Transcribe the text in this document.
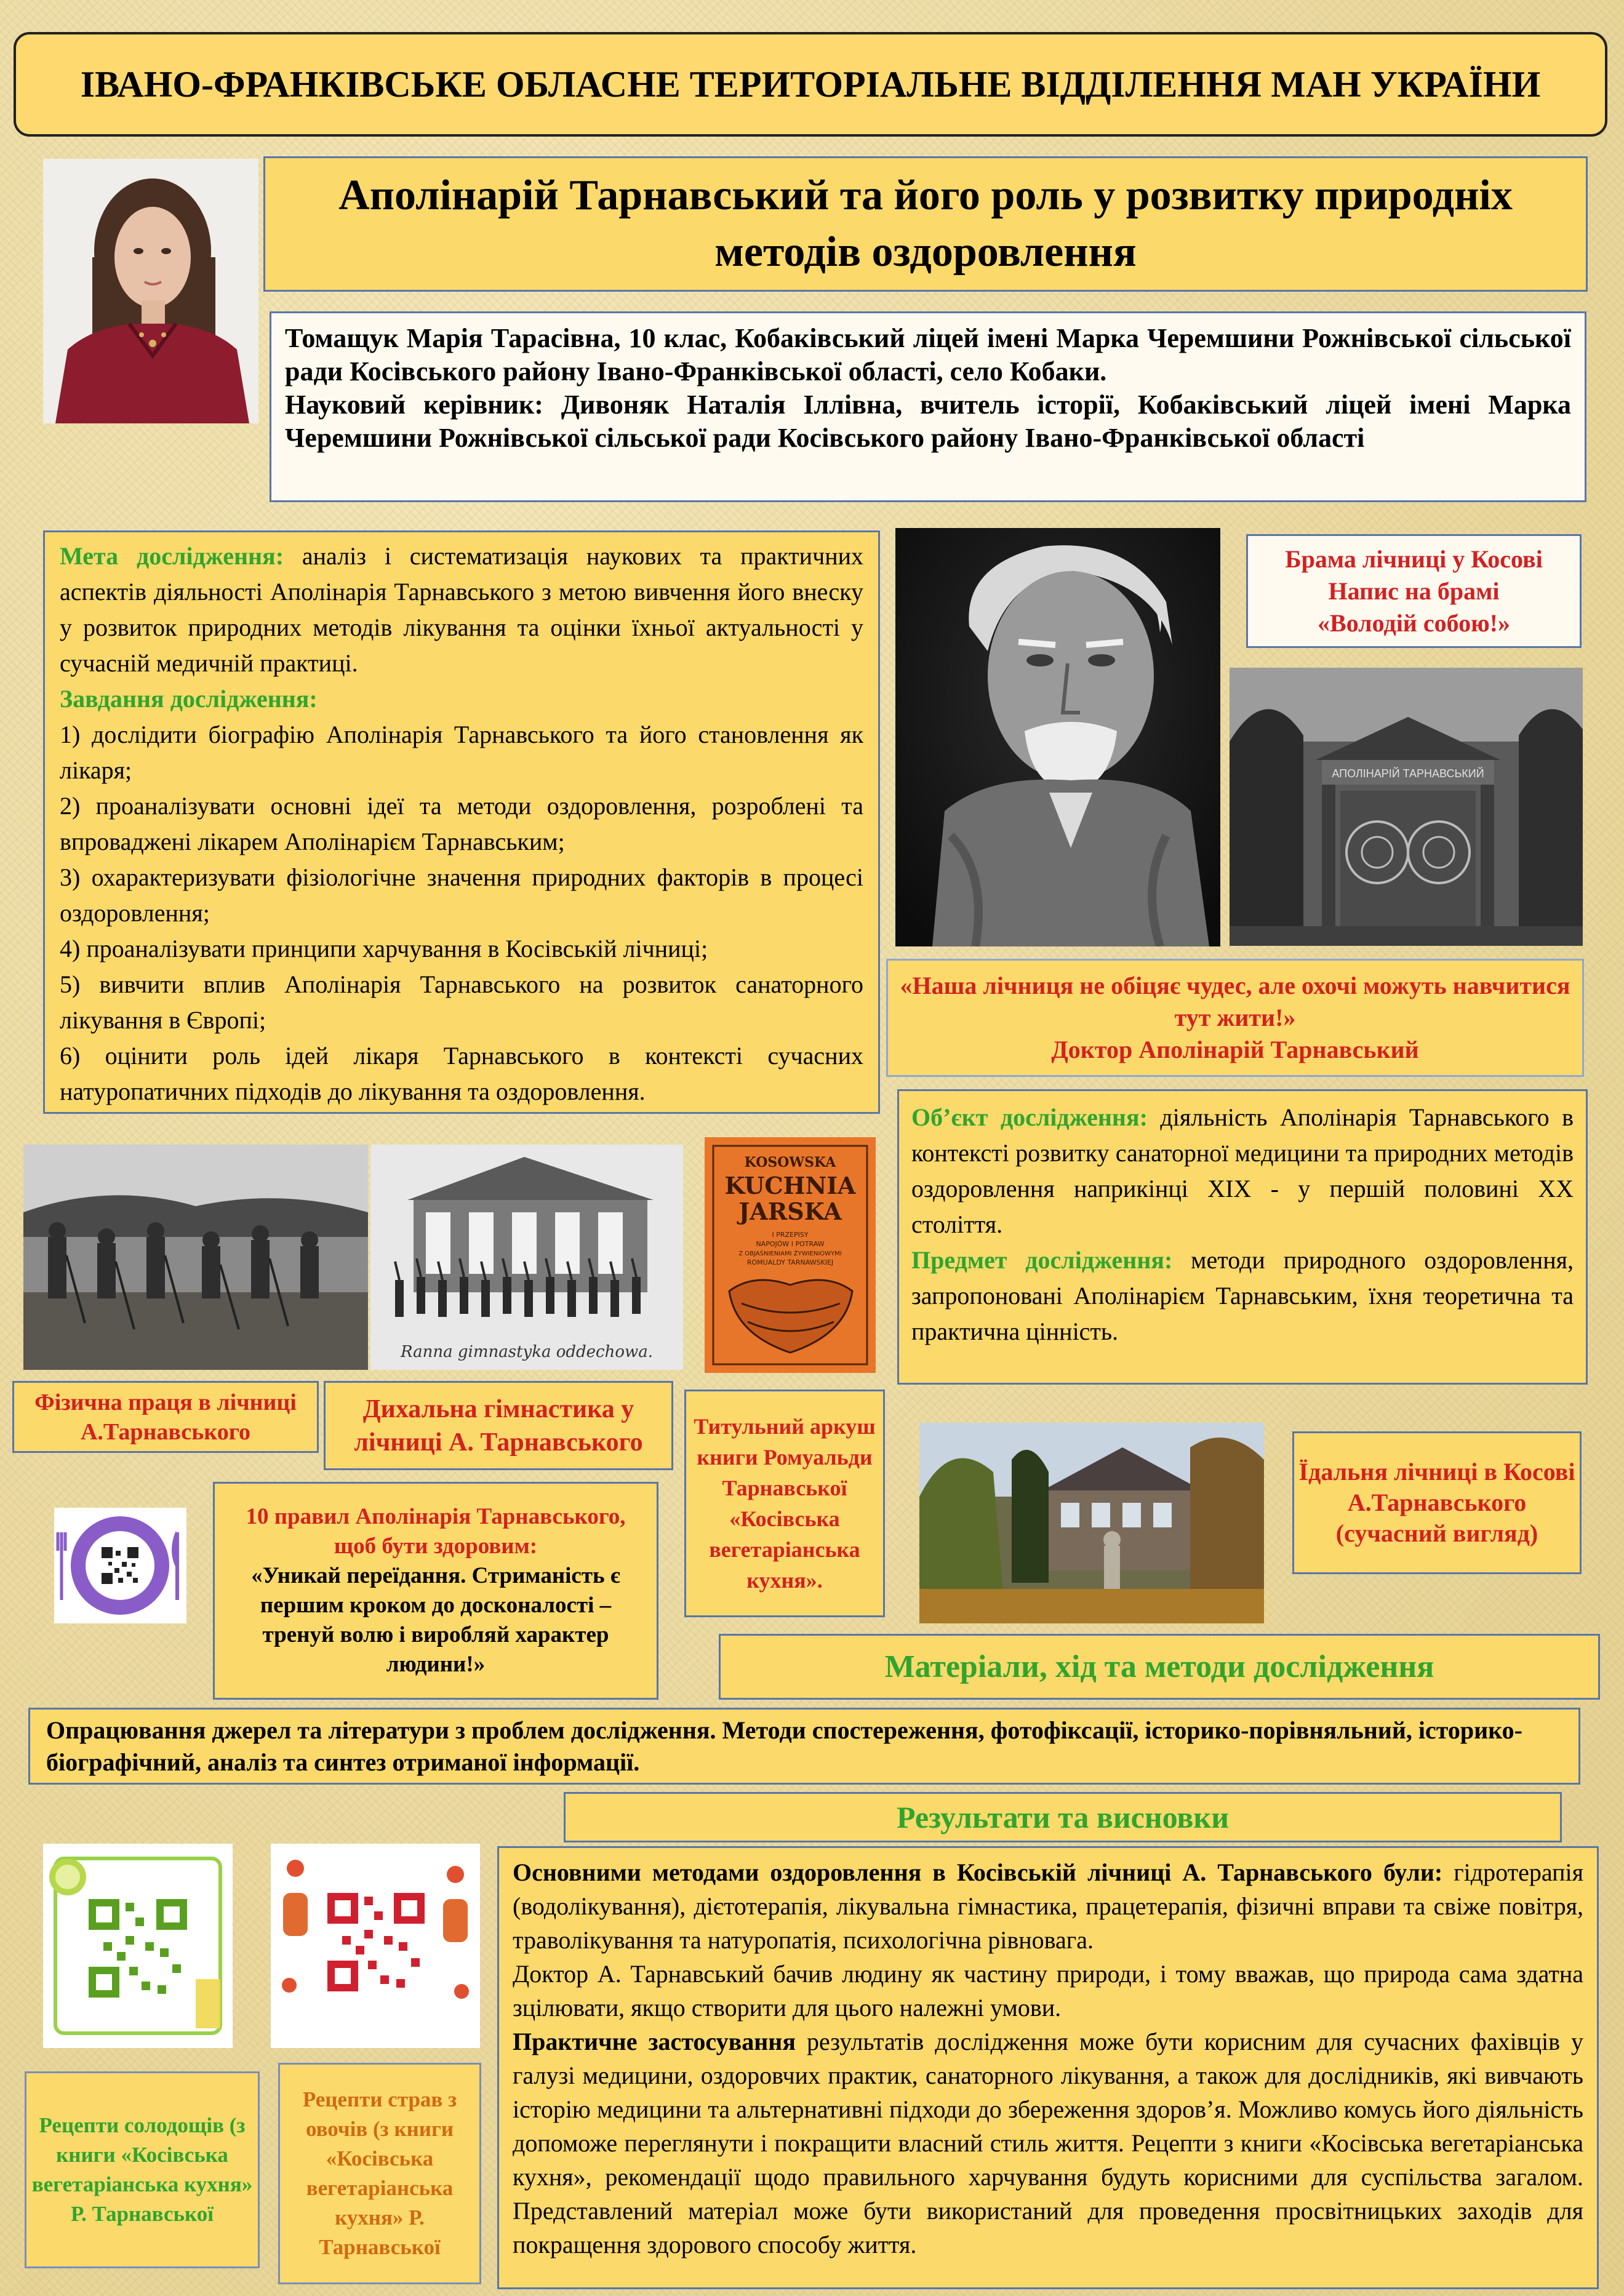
ІВАНО-ФРАНКІВСЬКЕ ОБЛАСНЕ ТЕРИТОРІАЛЬНЕ ВІДДІЛЕННЯ МАН УКРАЇНИ
Аполінарій Тарнавський та його роль у розвитку природніх методів оздоровлення
Томащук Марія Тарасівна, 10 клас, Кобаківський ліцей імені Марка Черемшини Рожнівської сільської ради Косівського району Івано-Франківської області, село Кобаки.
Науковий керівник: Дивоняк Наталія Іллівна, вчитель історії, Кобаківський ліцей імені Марка Черемшини Рожнівської сільської ради Косівського району Івано-Франківської області
Мета дослідження: аналіз і систематизація наукових та практичних аспектів діяльності Аполінарія Тарнавського з метою вивчення його внеску у розвиток природних методів лікування та оцінки їхньої актуальності у сучасній медичній практиці.
Завдання дослідження:
1) дослідити біографію Аполінарія Тарнавського та його становлення як лікаря;
2) проаналізувати основні ідеї та методи оздоровлення, розроблені та впроваджені лікарем Аполінарієм Тарнавським;
3) охарактеризувати фізіологічне значення природних факторів в процесі оздоровлення;
4) проаналізувати принципи харчування в Косівській лічниці;
5) вивчити вплив Аполінарія Тарнавського на розвиток санаторного лікування в Європі;
6) оцінити роль ідей лікаря Тарнавського в контексті сучасних натуропатичних підходів до лікування та оздоровлення.
Брама лічниці у Косові
Напис на брамі
«Володій собою!»
АПОЛІНАРІЙ ТАРНАВСЬКИЙ
«Наша лічниця не обіцяє чудес, але охочі можуть навчитися тут жити!»
Доктор Аполінарій Тарнавський
Об’єкт дослідження: діяльність Аполінарія Тарнавського в контексті розвитку санаторної медицини та природних методів оздоровлення наприкінці XIX - у першій половині XX століття.
Предмет дослідження: методи природного оздоровлення, запропоновані Аполінарієм Тарнавським, їхня теоретична та практична цінність.
Ranna gimnastyka oddechowa.
KOSOWSKA
KUCHNIA
JARSKA
I PRZEPISY
NAPOJÓW I POTRAW
Z OBJAŚNIENIAMI ŻYWIENIOWYMI
ROMUALDY TARNAWSKIEJ
Фізична праця в лічниці А.Тарнавського
Дихальна гімнастика у лічниці А. Тарнавського
Титульний аркуш книги Ромуальди Тарнавської «Косівська вегетаріанська кухня».
10 правил Аполінарія Тарнавського, щоб бути здоровим:
«Уникай переїдання. Стриманість є першим кроком до досконалості – тренуй волю і виробляй характер людини!»
Їдальня лічниці в Косові А.Тарнавського (сучасний вигляд)
Матеріали, хід та методи дослідження
Опрацювання джерел та літератури з проблем дослідження. Методи спостереження, фотофіксації, історико-порівняльний, історико-біографічний, аналіз та синтез отриманої інформації.
Результати та висновки
Рецепти солодощів (з книги «Косівська вегетаріанська кухня» Р. Тарнавської
Рецепти страв з овочів (з книги «Косівська вегетаріанська кухня» Р. Тарнавської
Основними методами оздоровлення в Косівській лічниці А. Тарнавського були: гідротерапія (водолікування), дієтотерапія, лікувальна гімнастика, працетерапія, фізичні вправи та свіже повітря, траволікування та натуропатія, психологічна рівновага.
Доктор А. Тарнавський бачив людину як частину природи, і тому вважав, що природа сама здатна зцілювати, якщо створити для цього належні умови.
Практичне застосування результатів дослідження може бути корисним для сучасних фахівців у галузі медицини, оздоровчих практик, санаторного лікування, а також для дослідників, які вивчають історію медицини та альтернативні підходи до збереження здоров’я. Можливо комусь його діяльність допоможе переглянути і покращити власний стиль життя. Рецепти з книги «Косівська вегетаріанська кухня», рекомендації щодо правильного харчування будуть корисними для суспільства загалом. Представлений матеріал може бути використаний для проведення просвітницьких заходів для покращення здорового способу життя.
